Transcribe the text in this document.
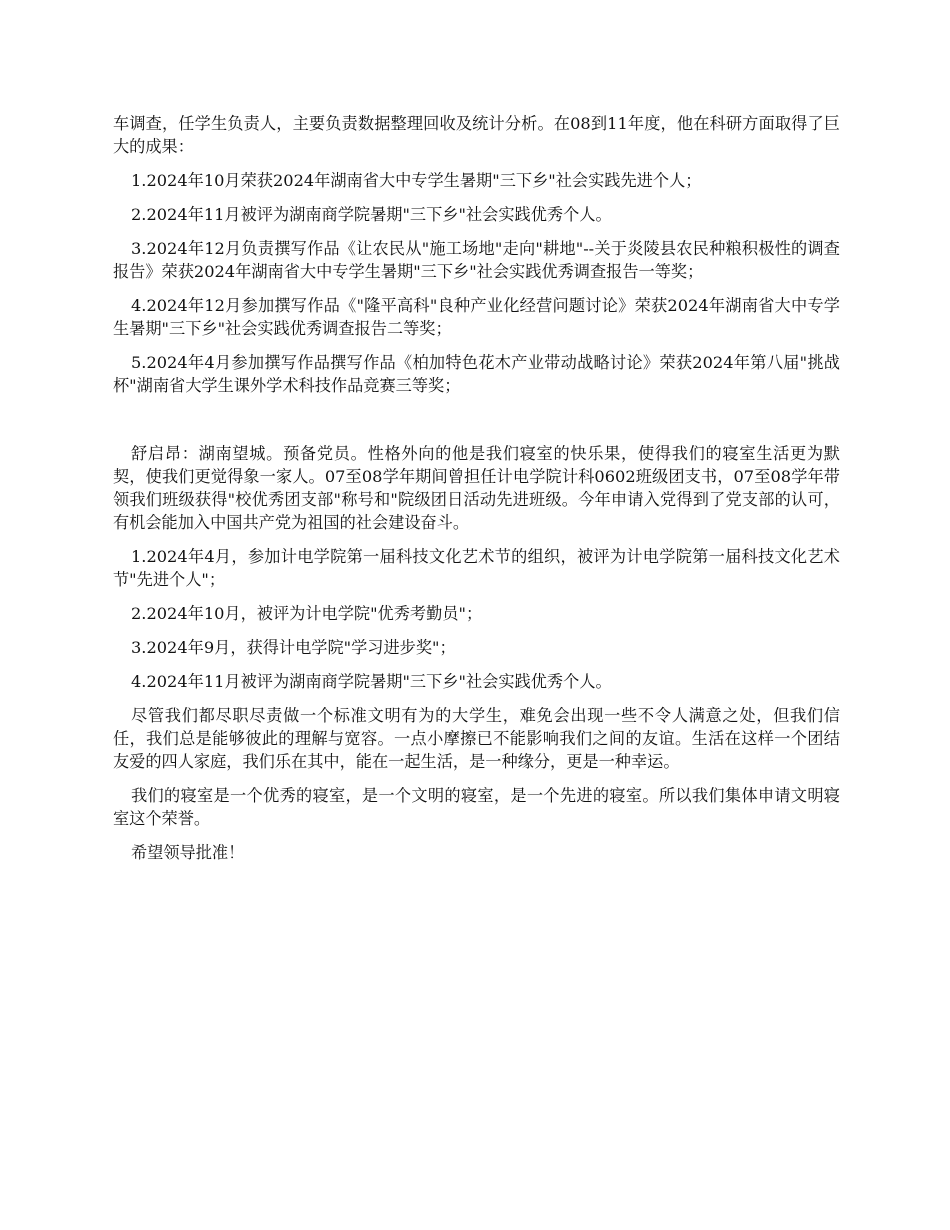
车调查，任学生负责人，主要负责数据整理回收及统计分析。在08到11年度，他在科研方面取得了巨大的成果：

1.2024年10月荣获2024年湖南省大中专学生暑期"三下乡"社会实践先进个人；

2.2024年11月被评为湖南商学院暑期"三下乡"社会实践优秀个人。

3.2024年12月负责撰写作品《让农民从"施工场地"走向"耕地"--关于炎陵县农民种粮积极性的调查报告》荣获2024年湖南省大中专学生暑期"三下乡"社会实践优秀调查报告一等奖；

4.2024年12月参加撰写作品《"隆平高科"良种产业化经营问题讨论》荣获2024年湖南省大中专学生暑期"三下乡"社会实践优秀调查报告二等奖；

5.2024年4月参加撰写作品撰写作品《柏加特色花木产业带动战略讨论》荣获2024年第八届"挑战杯"湖南省大学生课外学术科技作品竞赛三等奖；

舒启昂：湖南望城。预备党员。性格外向的他是我们寝室的快乐果，使得我们的寝室生活更为默契，使我们更觉得象一家人。07至08学年期间曾担任计电学院计科0602班级团支书，07至08学年带领我们班级获得"校优秀团支部"称号和"院级团日活动先进班级。今年申请入党得到了党支部的认可，有机会能加入中国共产党为祖国的社会建设奋斗。

1.2024年4月，参加计电学院第一届科技文化艺术节的组织，被评为计电学院第一届科技文化艺术节"先进个人"；

2.2024年10月，被评为计电学院"优秀考勤员"；

3.2024年9月，获得计电学院"学习进步奖"；

4.2024年11月被评为湖南商学院暑期"三下乡"社会实践优秀个人。

尽管我们都尽职尽责做一个标准文明有为的大学生，难免会出现一些不令人满意之处，但我们信任，我们总是能够彼此的理解与宽容。一点小摩擦已不能影响我们之间的友谊。生活在这样一个团结友爱的四人家庭，我们乐在其中，能在一起生活，是一种缘分，更是一种幸运。

我们的寝室是一个优秀的寝室，是一个文明的寝室，是一个先进的寝室。所以我们集体申请文明寝室这个荣誉。

希望领导批准！
